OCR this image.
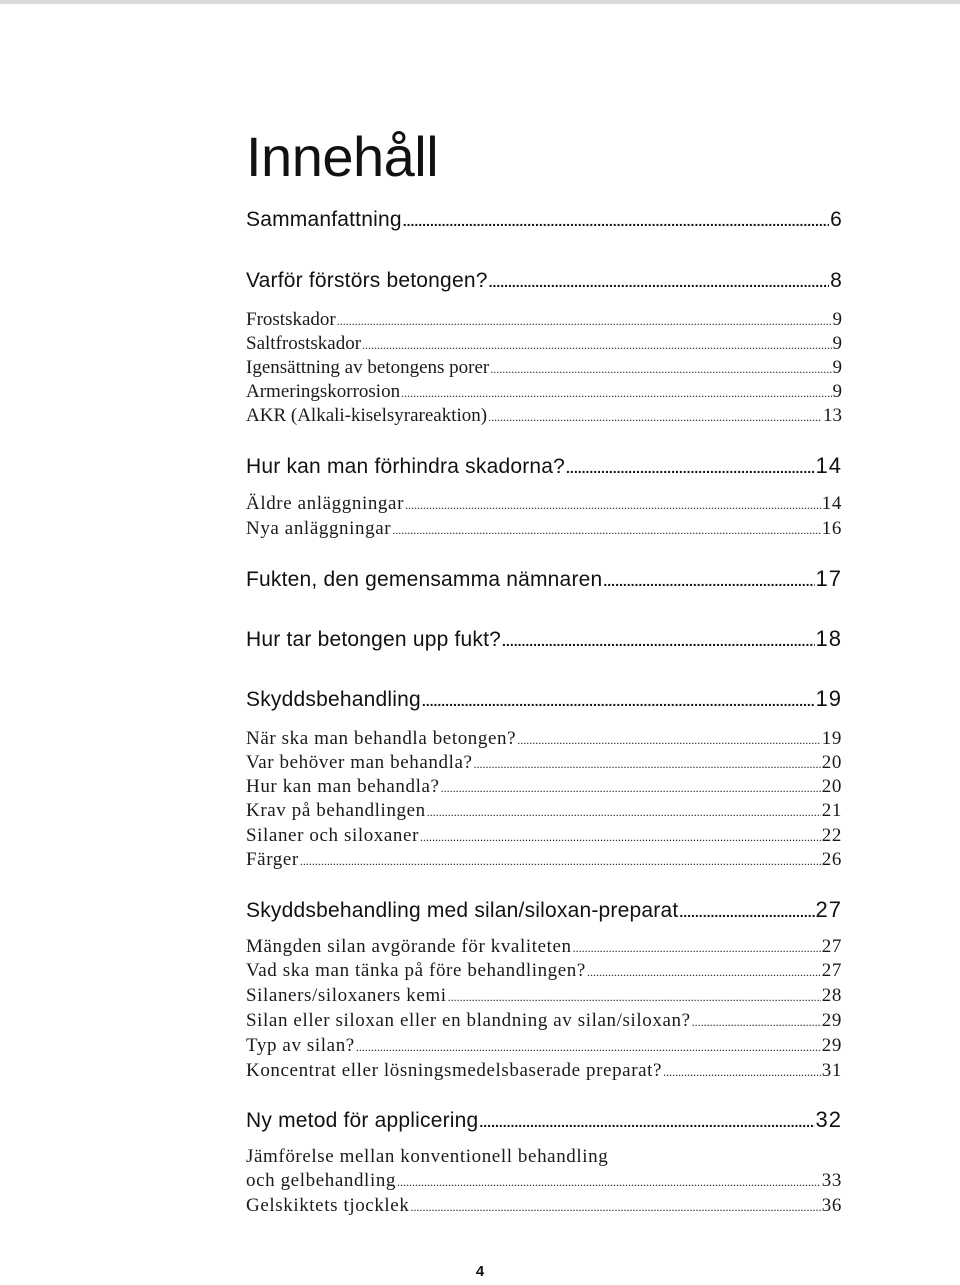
Innehåll
Sammanfattning .....	6
Varför förstörs betongen? .....	8
Frostskador .....	9
Saltfrostskador .....	9
Igensättning av betongens porer .....	9
Armeringskorrosion .....	9
AKR (Alkali-kiselsyrareaktion) .....	13
Hur kan man förhindra skadorna? .....	14
Äldre anläggningar .....	14
Nya anläggningar .....	16
Fukten, den gemensamma nämnaren .....	17
Hur tar betongen upp fukt? .....	18
Skyddsbehandling .....	19
När ska man behandla betongen? .....	19
Var behöver man behandla? .....	20
Hur kan man behandla? .....	20
Krav på behandlingen .....	21
Silaner och siloxaner .....	22
Färger .....	26
Skyddsbehandling med silan/siloxan-preparat .....	27
Mängden silan avgörande för kvaliteten .....	27
Vad ska man tänka på före behandlingen? .....	27
Silaners/siloxaners kemi .....	28
Silan eller siloxan eller en blandning av silan/siloxan? .....	29
Typ av silan? .....	29
Koncentrat eller lösningsmedelsbaserade preparat? .....	31
Ny metod för applicering .....	32
Jämförelse mellan konventionell behandling
och gelbehandling .....	33
Gelskiktets tjocklek .....	36
4
